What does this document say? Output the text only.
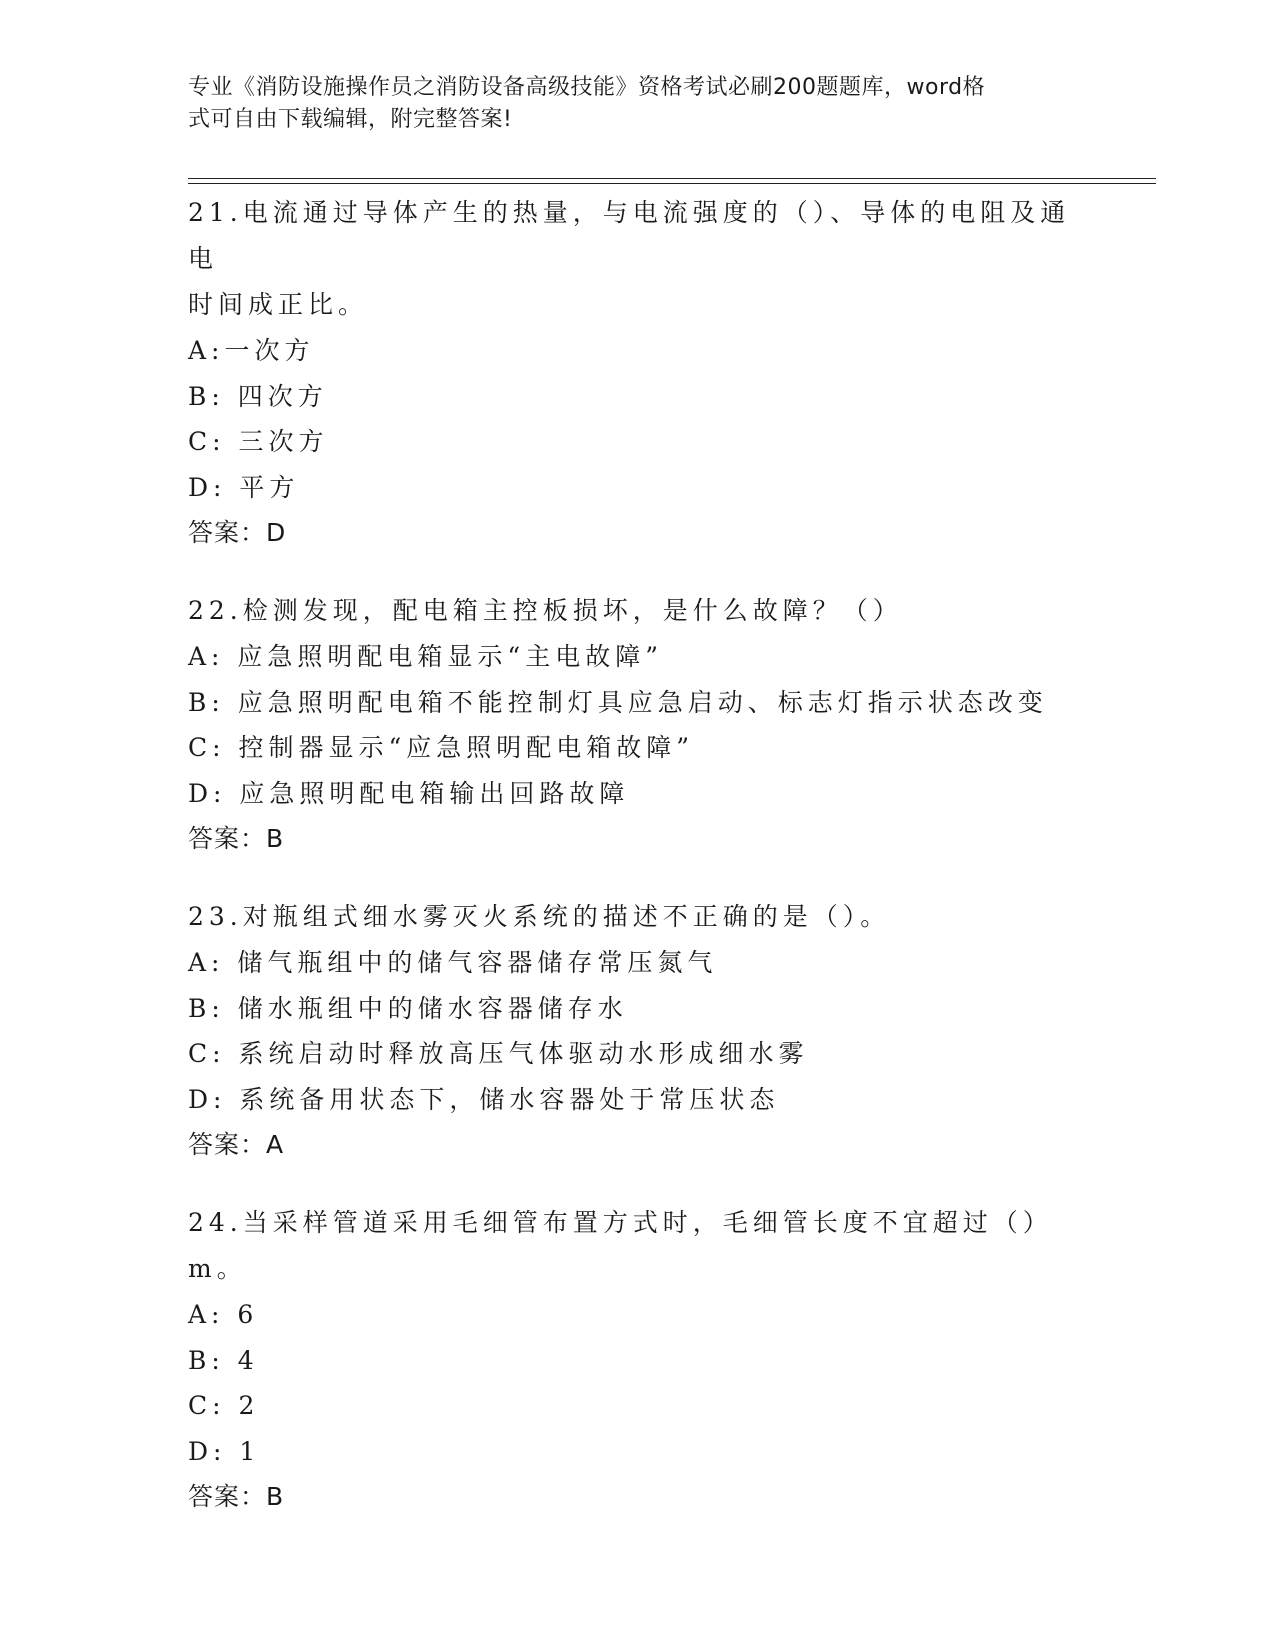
专业《消防设施操作员之消防设备高级技能》资格考试必刷200题题库，word格
式可自由下载编辑，附完整答案!
21.电流通过导体产生的热量，与电流强度的（）、导体的电阻及通电
时间成正比。
A:一次方
B: 四次方
C: 三次方
D: 平方
答案：D
22.检测发现，配电箱主控板损坏，是什么故障？（）
A: 应急照明配电箱显示“主电故障”
B: 应急照明配电箱不能控制灯具应急启动、标志灯指示状态改变
C: 控制器显示“应急照明配电箱故障”
D: 应急照明配电箱输出回路故障
答案：B
23.对瓶组式细水雾灭火系统的描述不正确的是（）。
A: 储气瓶组中的储气容器储存常压氮气
B: 储水瓶组中的储水容器储存水
C: 系统启动时释放高压气体驱动水形成细水雾
D: 系统备用状态下，储水容器处于常压状态
答案：A
24.当采样管道采用毛细管布置方式时，毛细管长度不宜超过（）m。
A: 6
B: 4
C: 2
D: 1
答案：B
